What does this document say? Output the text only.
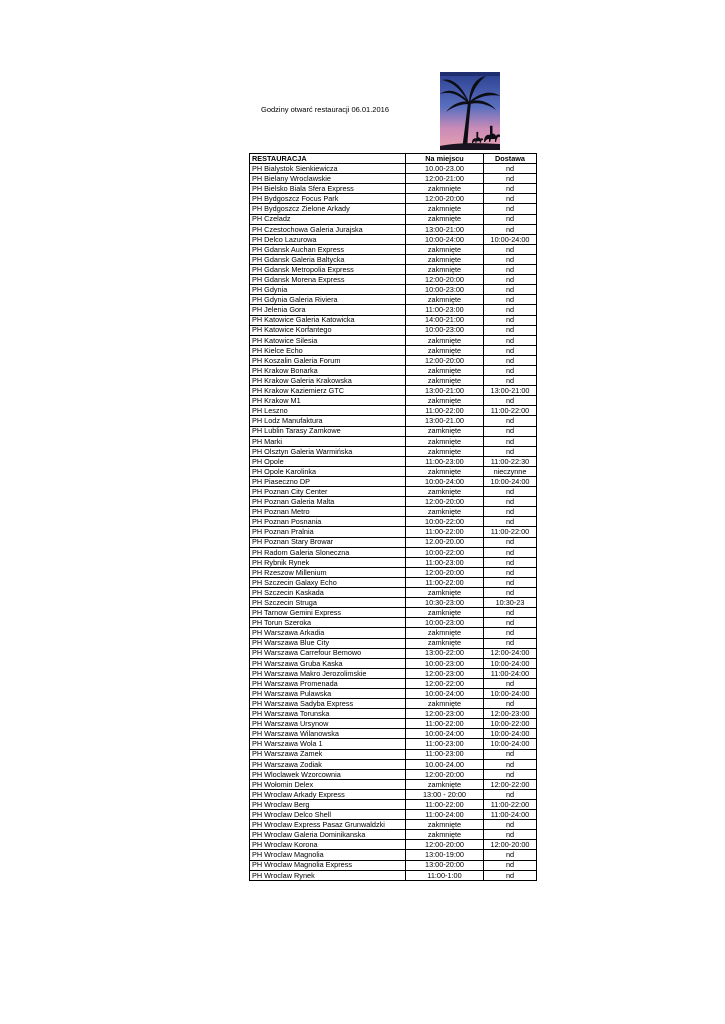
Godziny otwarć restauracji 06.01.2016
RESTAURACJA	Na miejscu	Dostawa
PH Bialystok Sienkiewicza	10.00-23.00	nd
PH Bielany Wroclawskie	12:00-21:00	nd
PH Bielsko Biala Sfera Express	zakmnięte	nd
PH Bydgoszcz Focus Park	12:00-20:00	nd
PH Bydgoszcz Zielone Arkady	zakmnięte	nd
PH Czeladz	zakmnięte	nd
PH Czestochowa Galeria Jurajska	13:00-21:00	nd
PH Delco Lazurowa	10:00-24:00	10:00-24:00
PH Gdansk Auchan Express	zakmnięte	nd
PH Gdansk Galeria Baltycka	zakmnięte	nd
PH Gdansk Metropolia Express	zakmnięte	nd
PH Gdansk Morena Express	12:00-20:00	nd
PH Gdynia	10:00-23:00	nd
PH Gdynia Galeria Riviera	zakmnięte	nd
PH Jelenia Gora	11:00-23:00	nd
PH Katowice Galeria Katowicka	14:00-21:00	nd
PH Katowice Korfantego	10:00-23:00	nd
PH Katowice Silesia	zakmnięte	nd
PH Kielce Echo	zakmnięte	nd
PH Koszalin Galeria Forum	12:00-20:00	nd
PH Krakow Bonarka	zakmnięte	nd
PH Krakow Galeria Krakowska	zakmnięte	nd
PH Krakow Kaziemierz GTC	13:00-21:00	13:00-21:00
PH Krakow M1	zakmnięte	nd
PH Leszno	11:00-22:00	11:00-22:00
PH Lodz Manufaktura	13:00-21.00	nd
PH Lublin Tarasy Zamkowe	zamknięte	nd
PH Marki	zakmnięte	nd
PH Olsztyn Galeria Warmińska	zakmnięte	nd
PH Opole	11:00-23:00	11:00-22:30
PH Opole Karolinka	zakmnięte	nieczynne
PH Piaseczno DP	10:00-24:00	10:00-24:00
PH Poznan City Center	zamknięte	nd
PH Poznan Galeria Malta	12:00-20:00	nd
PH Poznan Metro	zamknięte	nd
PH Poznan Posnania	10:00-22:00	nd
PH Poznan Pralnia	11:00-22:00	11:00-22:00
PH Poznan Stary Browar	12.00-20.00	nd
PH Radom Galeria Sloneczna	10:00-22:00	nd
PH Rybnik Rynek	11:00-23:00	nd
PH Rzeszow Millenium	12:00-20:00	nd
PH Szczecin Galaxy Echo	11:00-22:00	nd
PH Szczecin Kaskada	zamknięte	nd
PH Szczecin Struga	10:30-23:00	10:30-23
PH Tarnow Gemini Express	zamknięte	nd
PH Torun Szeroka	10:00-23:00	nd
PH Warszawa Arkadia	zakmnięte	nd
PH Warszawa Blue City	zamknięte	nd
PH Warszawa Carrefour Bemowo	13:00-22:00	12:00-24:00
PH Warszawa Gruba Kaska	10:00-23:00	10:00-24:00
PH Warszawa Makro Jerozolimskie	12:00-23:00	11:00-24:00
PH Warszawa Promenada	12:00-22:00	nd
PH Warszawa Pulawska	10:00-24:00	10:00-24:00
PH Warszawa Sadyba Express	zakmnięte	nd
PH Warszawa Torunska	12:00-23:00	12:00-23:00
PH Warszawa Ursynow	11:00-22:00	10:00-22:00
PH Warszawa Wilanowska	10:00-24:00	10:00-24:00
PH Warszawa Wola 1	11:00-23:00	10:00-24:00
PH Warszawa Zamek	11:00-23:00	nd
PH Warszawa Zodiak	10.00-24.00	nd
PH Wloclawek Wzorcownia	12:00-20:00	nd
PH Wołomin Delex	zamknięte	12:00-22:00
PH Wroclaw Arkady Express	13:00 - 20:00	nd
PH Wroclaw Berg	11:00-22:00	11:00-22:00
PH Wroclaw Delco Shell	11:00-24:00	11:00-24:00
PH Wroclaw Express Pasaz Grunwaldzki	zakmnięte	nd
PH Wroclaw Galeria Dominikanska	zakmnięte	nd
PH Wroclaw Korona	12:00-20:00	12:00-20:00
PH Wroclaw Magnolia	13:00-19:00	nd
PH Wroclaw Magnolia Express	13:00-20:00	nd
PH Wroclaw Rynek	11:00-1:00	nd
